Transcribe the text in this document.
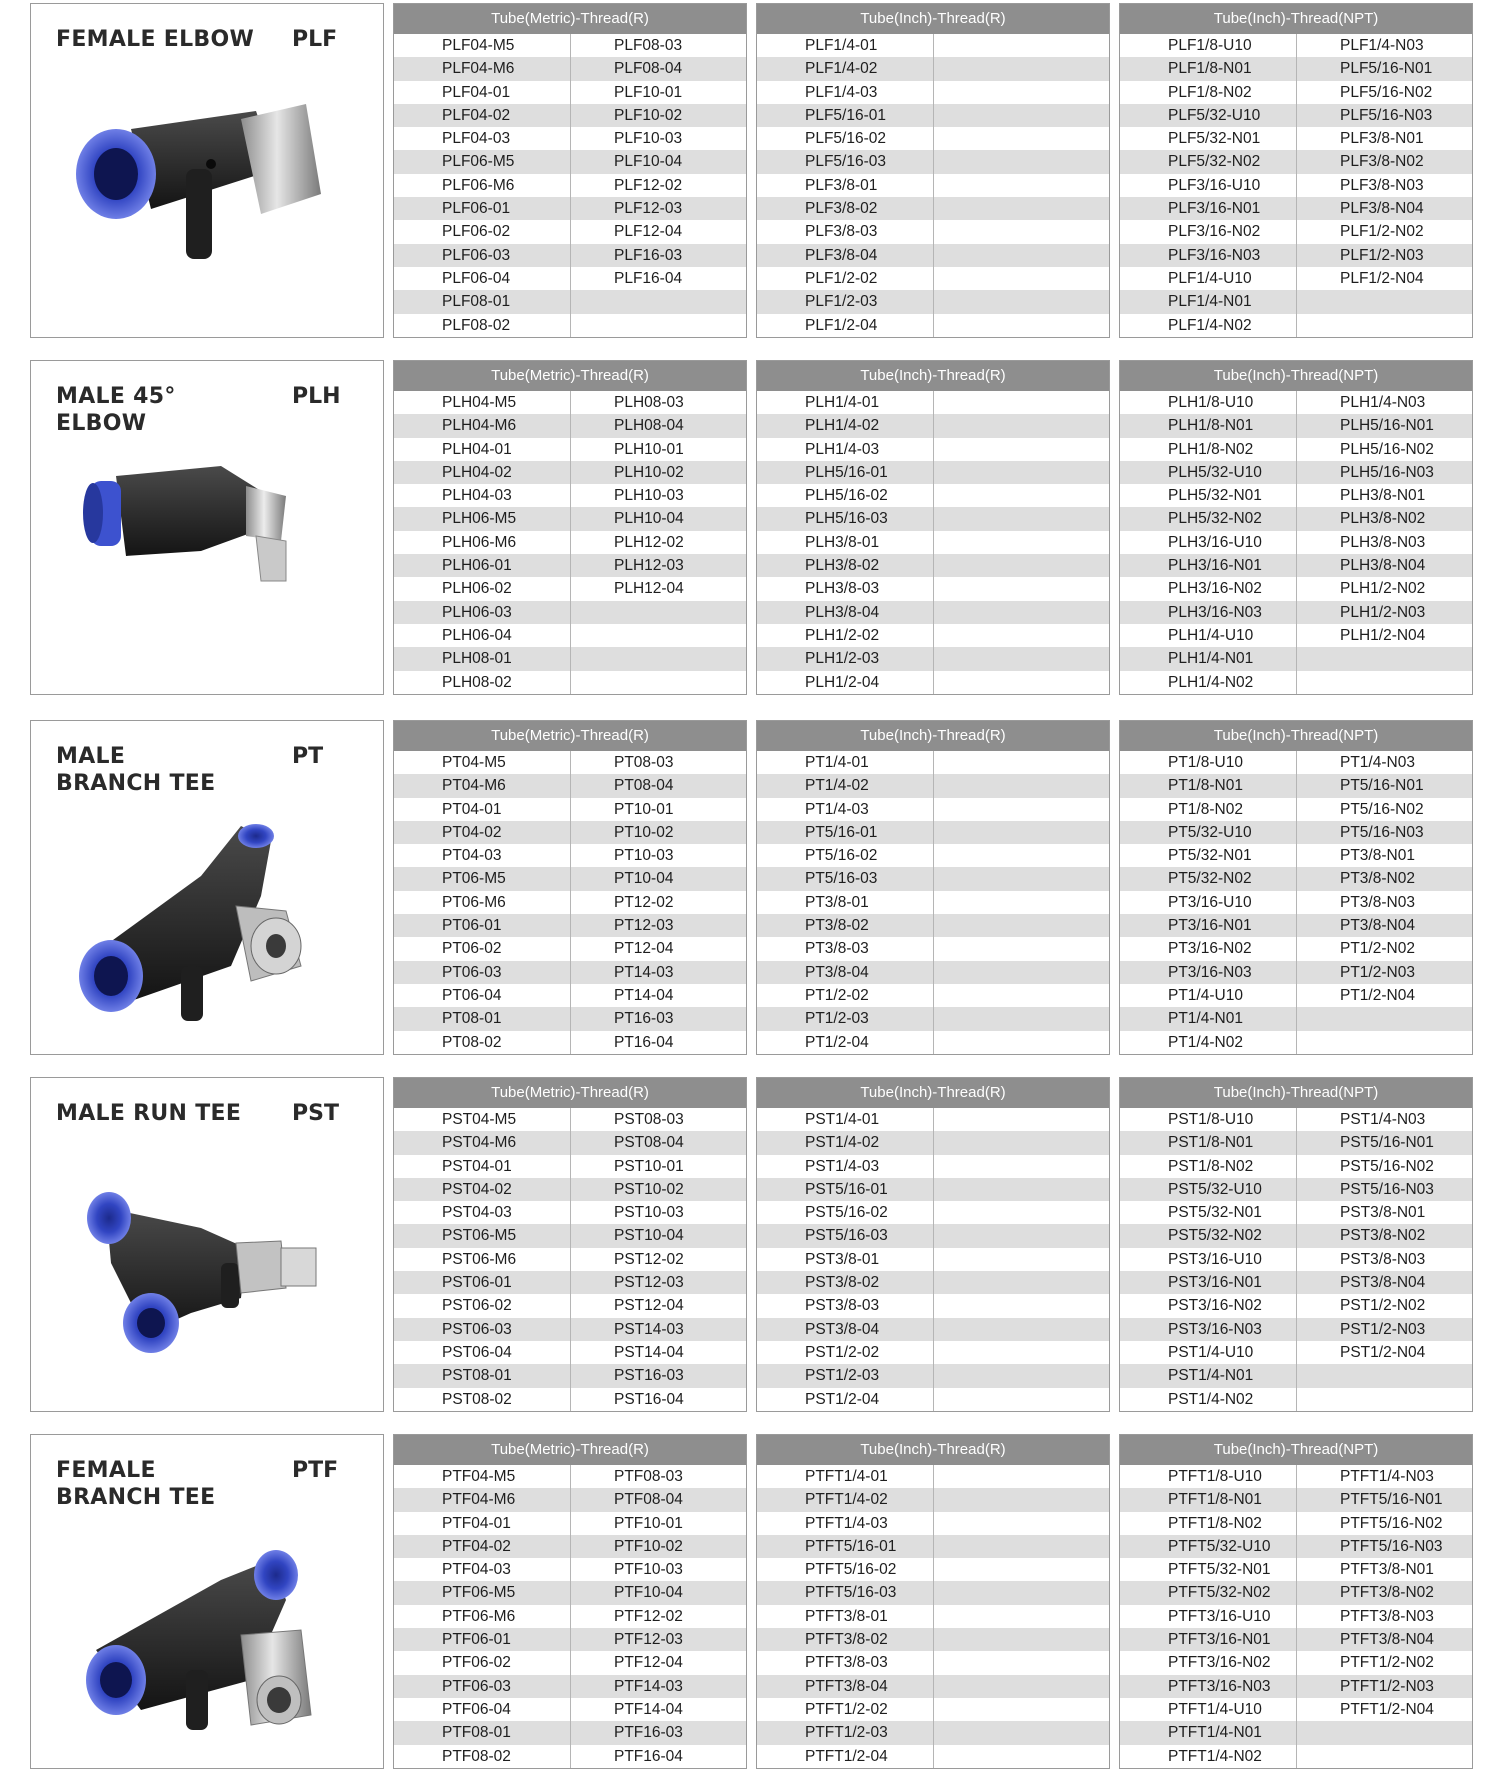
FEMALE ELBOW PLF
Tube(Metric)-Thread(R)
PLF04-M5	PLF08-03
PLF04-M6	PLF08-04
PLF04-01	PLF10-01
PLF04-02	PLF10-02
PLF04-03	PLF10-03
PLF06-M5	PLF10-04
PLF06-M6	PLF12-02
PLF06-01	PLF12-03
PLF06-02	PLF12-04
PLF06-03	PLF16-03
PLF06-04	PLF16-04
PLF08-01
PLF08-02
Tube(Inch)-Thread(R)
PLF1/4-01
PLF1/4-02
PLF1/4-03
PLF5/16-01
PLF5/16-02
PLF5/16-03
PLF3/8-01
PLF3/8-02
PLF3/8-03
PLF3/8-04
PLF1/2-02
PLF1/2-03
PLF1/2-04
Tube(Inch)-Thread(NPT)
PLF1/8-U10	PLF1/4-N03
PLF1/8-N01	PLF5/16-N01
PLF1/8-N02	PLF5/16-N02
PLF5/32-U10	PLF5/16-N03
PLF5/32-N01	PLF3/8-N01
PLF5/32-N02	PLF3/8-N02
PLF3/16-U10	PLF3/8-N03
PLF3/16-N01	PLF3/8-N04
PLF3/16-N02	PLF1/2-N02
PLF3/16-N03	PLF1/2-N03
PLF1/4-U10	PLF1/2-N04
PLF1/4-N01
PLF1/4-N02
MALE 45°
ELBOW
PLH
Tube(Metric)-Thread(R)
PLH04-M5	PLH08-03
PLH04-M6	PLH08-04
PLH04-01	PLH10-01
PLH04-02	PLH10-02
PLH04-03	PLH10-03
PLH06-M5	PLH10-04
PLH06-M6	PLH12-02
PLH06-01	PLH12-03
PLH06-02	PLH12-04
PLH06-03
PLH06-04
PLH08-01
PLH08-02
Tube(Inch)-Thread(R)
PLH1/4-01
PLH1/4-02
PLH1/4-03
PLH5/16-01
PLH5/16-02
PLH5/16-03
PLH3/8-01
PLH3/8-02
PLH3/8-03
PLH3/8-04
PLH1/2-02
PLH1/2-03
PLH1/2-04
Tube(Inch)-Thread(NPT)
PLH1/8-U10	PLH1/4-N03
PLH1/8-N01	PLH5/16-N01
PLH1/8-N02	PLH5/16-N02
PLH5/32-U10	PLH5/16-N03
PLH5/32-N01	PLH3/8-N01
PLH5/32-N02	PLH3/8-N02
PLH3/16-U10	PLH3/8-N03
PLH3/16-N01	PLH3/8-N04
PLH3/16-N02	PLH1/2-N02
PLH3/16-N03	PLH1/2-N03
PLH1/4-U10	PLH1/2-N04
PLH1/4-N01
PLH1/4-N02
MALE
BRANCH TEE
PT
Tube(Metric)-Thread(R)
PT04-M5	PT08-03
PT04-M6	PT08-04
PT04-01	PT10-01
PT04-02	PT10-02
PT04-03	PT10-03
PT06-M5	PT10-04
PT06-M6	PT12-02
PT06-01	PT12-03
PT06-02	PT12-04
PT06-03	PT14-03
PT06-04	PT14-04
PT08-01	PT16-03
PT08-02	PT16-04
Tube(Inch)-Thread(R)
PT1/4-01
PT1/4-02
PT1/4-03
PT5/16-01
PT5/16-02
PT5/16-03
PT3/8-01
PT3/8-02
PT3/8-03
PT3/8-04
PT1/2-02
PT1/2-03
PT1/2-04
Tube(Inch)-Thread(NPT)
PT1/8-U10	PT1/4-N03
PT1/8-N01	PT5/16-N01
PT1/8-N02	PT5/16-N02
PT5/32-U10	PT5/16-N03
PT5/32-N01	PT3/8-N01
PT5/32-N02	PT3/8-N02
PT3/16-U10	PT3/8-N03
PT3/16-N01	PT3/8-N04
PT3/16-N02	PT1/2-N02
PT3/16-N03	PT1/2-N03
PT1/4-U10	PT1/2-N04
PT1/4-N01
PT1/4-N02
MALE RUN TEE PST
Tube(Metric)-Thread(R)
PST04-M5	PST08-03
PST04-M6	PST08-04
PST04-01	PST10-01
PST04-02	PST10-02
PST04-03	PST10-03
PST06-M5	PST10-04
PST06-M6	PST12-02
PST06-01	PST12-03
PST06-02	PST12-04
PST06-03	PST14-03
PST06-04	PST14-04
PST08-01	PST16-03
PST08-02	PST16-04
Tube(Inch)-Thread(R)
PST1/4-01
PST1/4-02
PST1/4-03
PST5/16-01
PST5/16-02
PST5/16-03
PST3/8-01
PST3/8-02
PST3/8-03
PST3/8-04
PST1/2-02
PST1/2-03
PST1/2-04
Tube(Inch)-Thread(NPT)
PST1/8-U10	PST1/4-N03
PST1/8-N01	PST5/16-N01
PST1/8-N02	PST5/16-N02
PST5/32-U10	PST5/16-N03
PST5/32-N01	PST3/8-N01
PST5/32-N02	PST3/8-N02
PST3/16-U10	PST3/8-N03
PST3/16-N01	PST3/8-N04
PST3/16-N02	PST1/2-N02
PST3/16-N03	PST1/2-N03
PST1/4-U10	PST1/2-N04
PST1/4-N01
PST1/4-N02
FEMALE
BRANCH TEE
PTF
Tube(Metric)-Thread(R)
PTF04-M5	PTF08-03
PTF04-M6	PTF08-04
PTF04-01	PTF10-01
PTF04-02	PTF10-02
PTF04-03	PTF10-03
PTF06-M5	PTF10-04
PTF06-M6	PTF12-02
PTF06-01	PTF12-03
PTF06-02	PTF12-04
PTF06-03	PTF14-03
PTF06-04	PTF14-04
PTF08-01	PTF16-03
PTF08-02	PTF16-04
Tube(Inch)-Thread(R)
PTFT1/4-01
PTFT1/4-02
PTFT1/4-03
PTFT5/16-01
PTFT5/16-02
PTFT5/16-03
PTFT3/8-01
PTFT3/8-02
PTFT3/8-03
PTFT3/8-04
PTFT1/2-02
PTFT1/2-03
PTFT1/2-04
Tube(Inch)-Thread(NPT)
PTFT1/8-U10	PTFT1/4-N03
PTFT1/8-N01	PTFT5/16-N01
PTFT1/8-N02	PTFT5/16-N02
PTFT5/32-U10	PTFT5/16-N03
PTFT5/32-N01	PTFT3/8-N01
PTFT5/32-N02	PTFT3/8-N02
PTFT3/16-U10	PTFT3/8-N03
PTFT3/16-N01	PTFT3/8-N04
PTFT3/16-N02	PTFT1/2-N02
PTFT3/16-N03	PTFT1/2-N03
PTFT1/4-U10	PTFT1/2-N04
PTFT1/4-N01
PTFT1/4-N02
